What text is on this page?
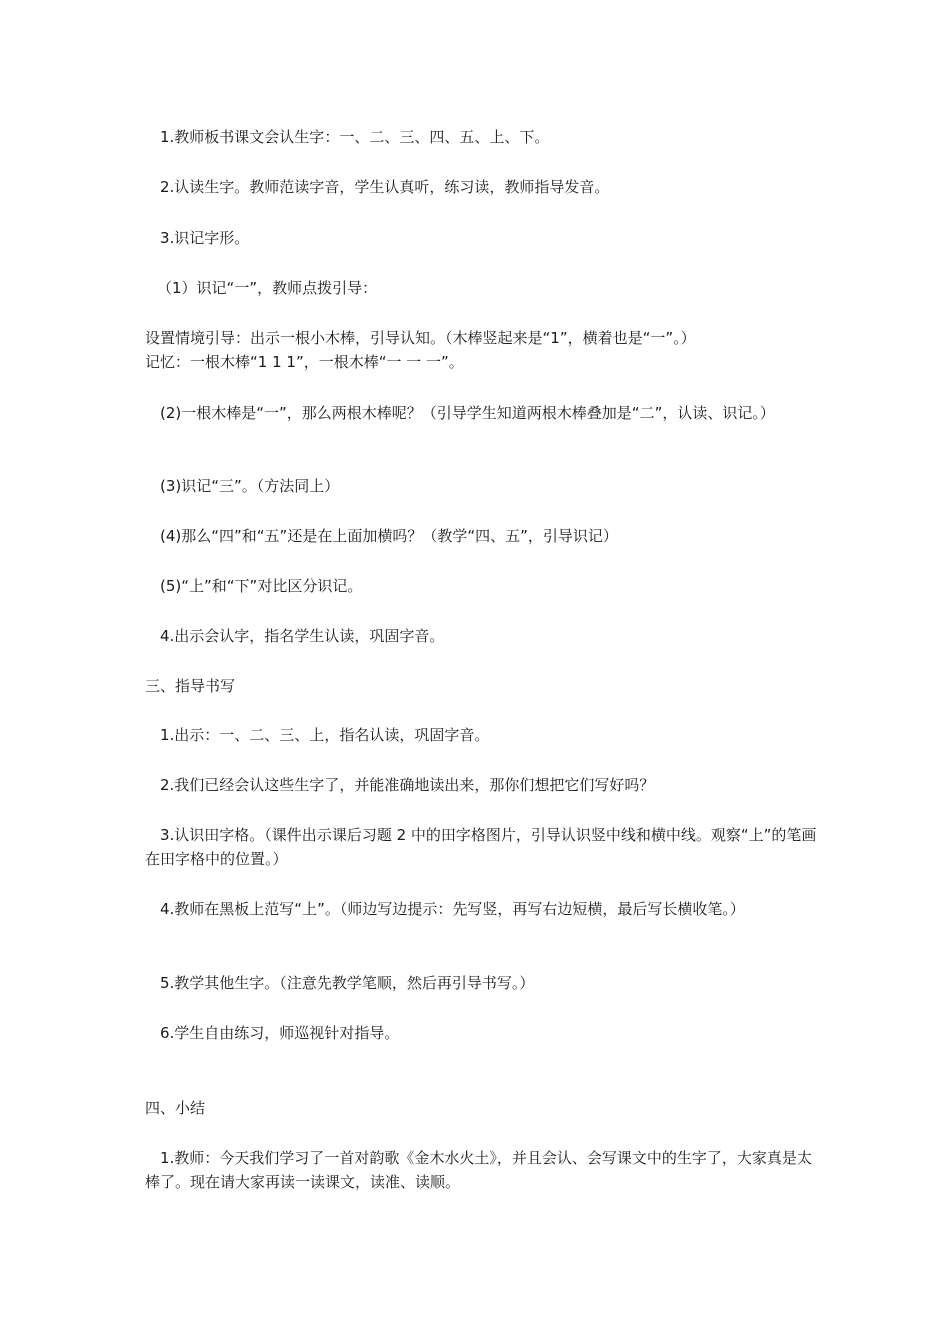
1.教师板书课文会认生字：一、二、三、四、五、上、下。

2.认读生字。教师范读字音，学生认真听，练习读，教师指导发音。

3.识记字形。

（1）识记“一”，教师点拨引导：

设置情境引导：出示一根小木棒，引导认知。（木棒竖起来是“1”，横着也是“一”。）

记忆：一根木棒“1 1 1”，一根木棒“一 一 一”。

(2)一根木棒是“一”，那么两根木棒呢？（引导学生知道两根木棒叠加是“二”，认读、识记。）

(3)识记“三”。（方法同上）

(4)那么“四”和“五”还是在上面加横吗？（教学“四、五”，引导识记）

(5)“上”和“下”对比区分识记。

4.出示会认字，指名学生认读，巩固字音。

三、指导书写

1.出示：一、二、三、上，指名认读，巩固字音。

2.我们已经会认这些生字了，并能准确地读出来，那你们想把它们写好吗？

3.认识田字格。（课件出示课后习题 2 中的田字格图片，引导认识竖中线和横中线。观察“上”的笔画在田字格中的位置。）

4.教师在黑板上范写“上”。（师边写边提示：先写竖，再写右边短横，最后写长横收笔。）

5.教学其他生字。（注意先教学笔顺，然后再引导书写。）

6.学生自由练习，师巡视针对指导。

四、小结

1.教师：今天我们学习了一首对韵歌《金木水火土》，并且会认、会写课文中的生字了，大家真是太棒了。现在请大家再读一读课文，读准、读顺。
